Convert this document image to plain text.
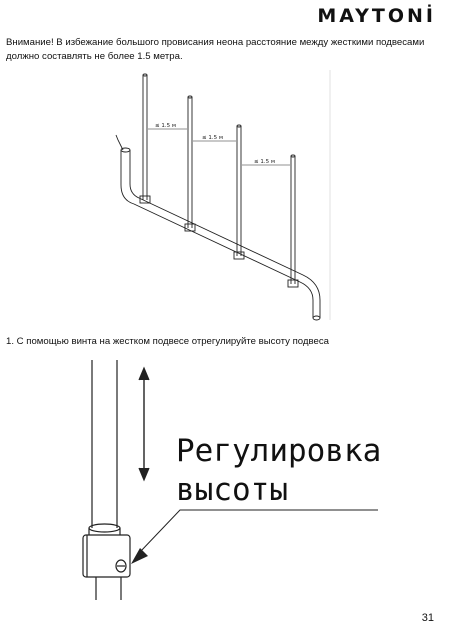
MAYTONİ
Внимание! В избежание большого провисания неона расстояние между жесткими подвесами должно составлять не более 1.5 метра.
≤ 1.5 м
≤ 1.5 м
≤ 1.5 м
Регулировка
высоты
1. С помощью винта на жестком подвесе отрегулируйте высоту подвеса
31
